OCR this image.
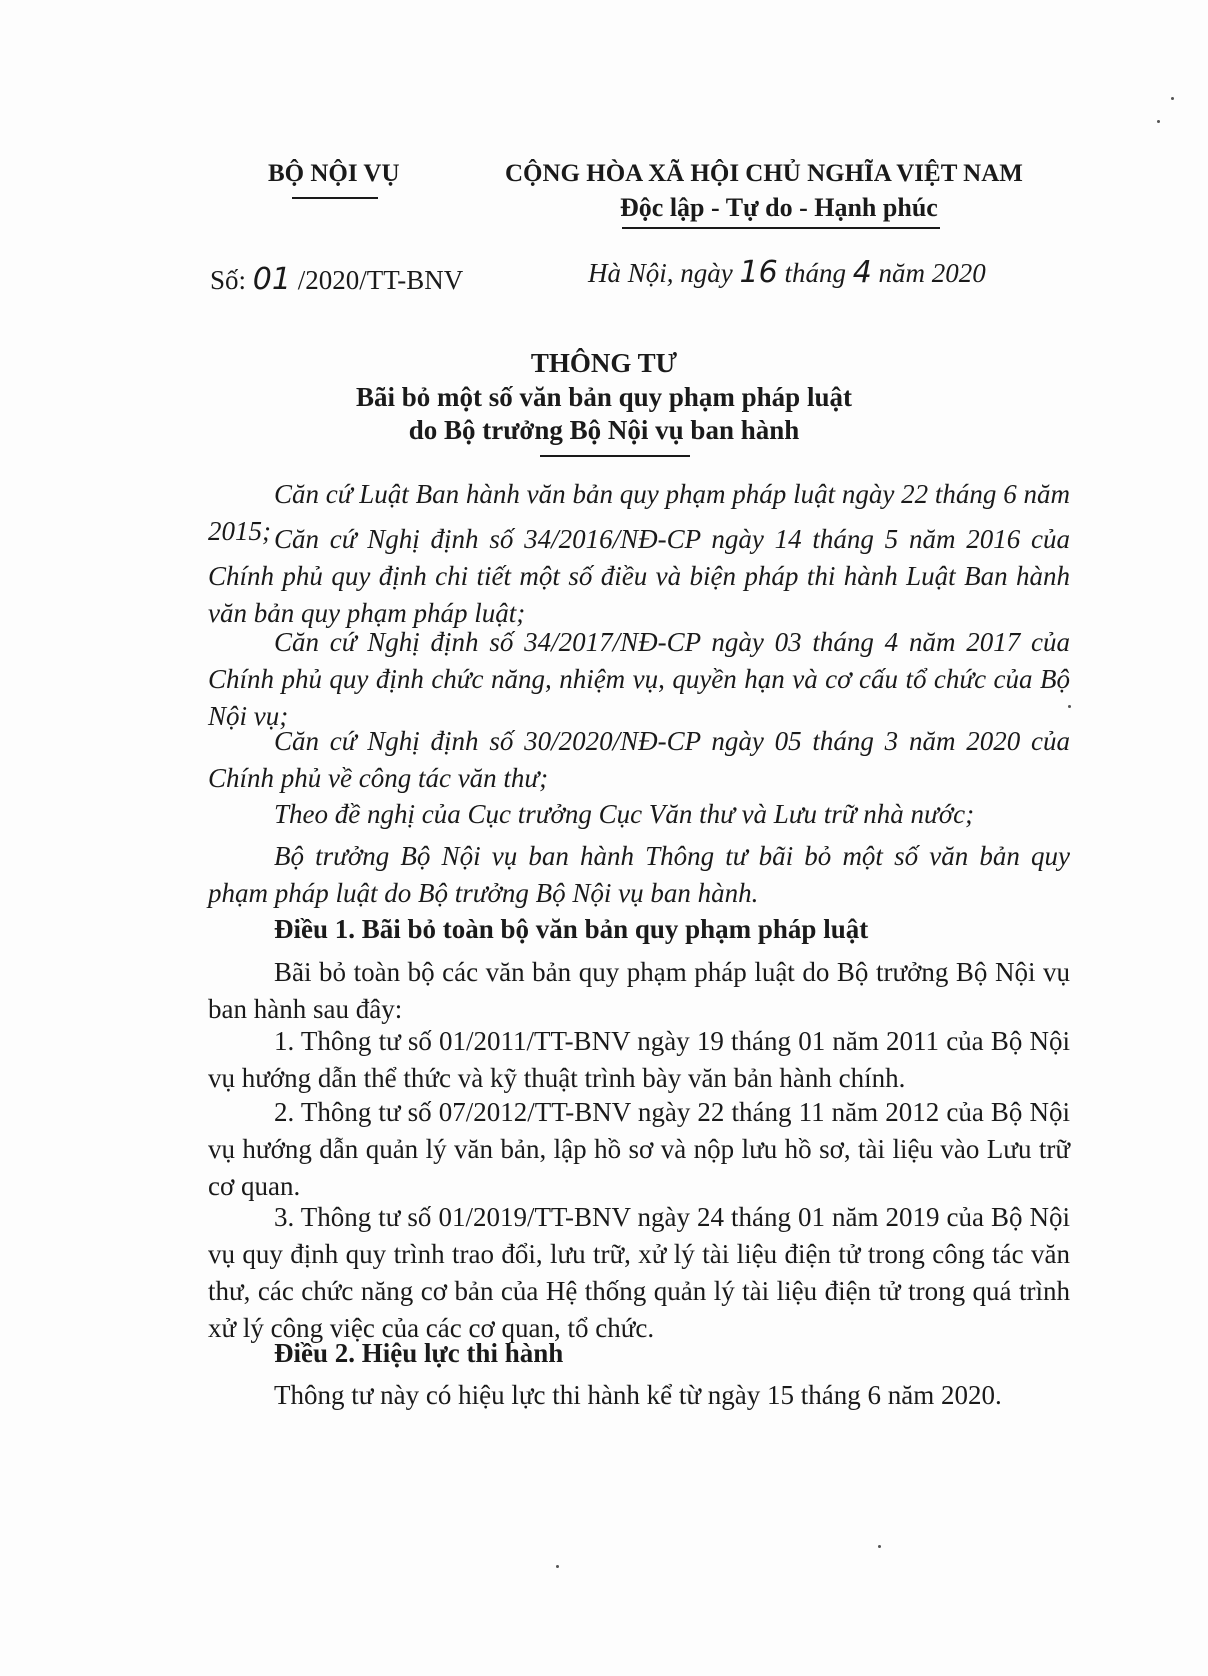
BỘ NỘI VỤ	CỘNG HÒA XÃ HỘI CHỦ NGHĨA VIỆT NAM
Độc lập - Tự do - Hạnh phúc
Số: 01 /2020/TT-BNV	Hà Nội, ngày 16 tháng 4 năm 2020
THÔNG TƯ
Bãi bỏ một số văn bản quy phạm pháp luật
do Bộ trưởng Bộ Nội vụ ban hành
Căn cứ Luật Ban hành văn bản quy phạm pháp luật ngày 22 tháng 6 năm 2015; Căn cứ Nghị định số 34/2016/NĐ-CP ngày 14 tháng 5 năm 2016 của Chính phủ quy định chi tiết một số điều và biện pháp thi hành Luật Ban hành văn bản quy phạm pháp luật;
Căn cứ Nghị định số 34/2017/NĐ-CP ngày 03 tháng 4 năm 2017 của Chính phủ quy định chức năng, nhiệm vụ, quyền hạn và cơ cấu tổ chức của Bộ Nội vụ;
Căn cứ Nghị định số 30/2020/NĐ-CP ngày 05 tháng 3 năm 2020 của Chính phủ về công tác văn thư;
Theo đề nghị của Cục trưởng Cục Văn thư và Lưu trữ nhà nước;
Bộ trưởng Bộ Nội vụ ban hành Thông tư bãi bỏ một số văn bản quy phạm pháp luật do Bộ trưởng Bộ Nội vụ ban hành.
Điều 1. Bãi bỏ toàn bộ văn bản quy phạm pháp luật
Bãi bỏ toàn bộ các văn bản quy phạm pháp luật do Bộ trưởng Bộ Nội vụ ban hành sau đây:
1. Thông tư số 01/2011/TT-BNV ngày 19 tháng 01 năm 2011 của Bộ Nội vụ hướng dẫn thể thức và kỹ thuật trình bày văn bản hành chính.
2. Thông tư số 07/2012/TT-BNV ngày 22 tháng 11 năm 2012 của Bộ Nội vụ hướng dẫn quản lý văn bản, lập hồ sơ và nộp lưu hồ sơ, tài liệu vào Lưu trữ cơ quan.
3. Thông tư số 01/2019/TT-BNV ngày 24 tháng 01 năm 2019 của Bộ Nội vụ quy định quy trình trao đổi, lưu trữ, xử lý tài liệu điện tử trong công tác văn thư, các chức năng cơ bản của Hệ thống quản lý tài liệu điện tử trong quá trình xử lý công việc của các cơ quan, tổ chức.
Điều 2. Hiệu lực thi hành
Thông tư này có hiệu lực thi hành kể từ ngày 15 tháng 6 năm 2020.
